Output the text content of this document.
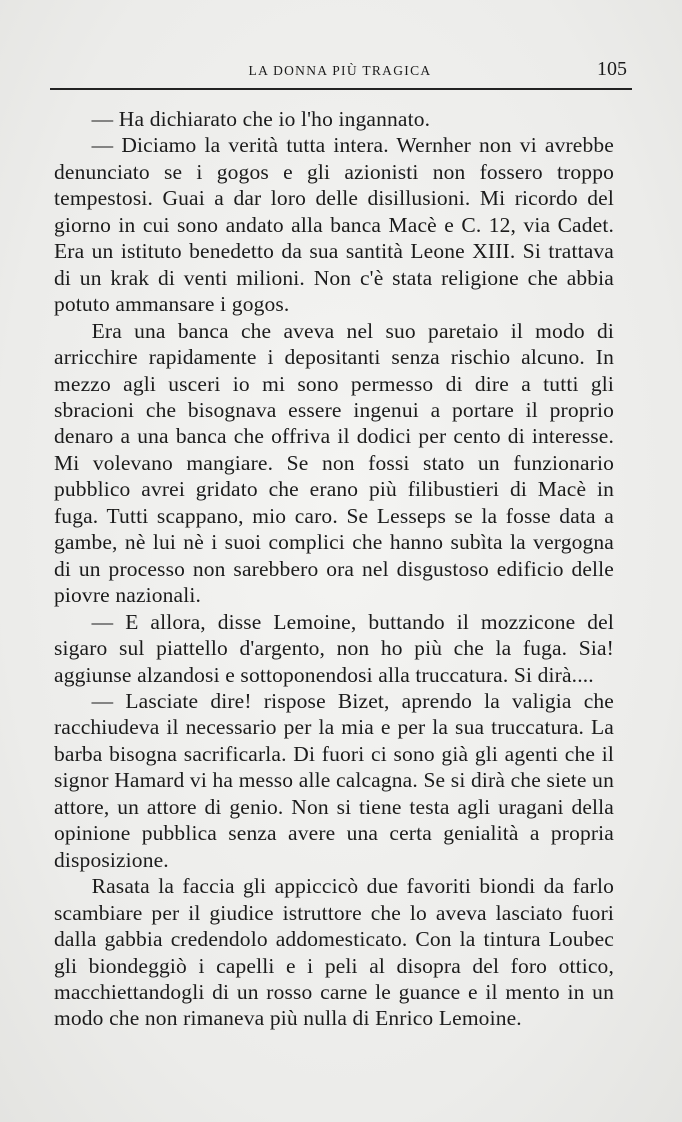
LA DONNA PIÙ TRAGICA	105

— Ha dichiarato che io l'ho ingannato.

— Diciamo la verità tutta intera. Wernher non vi avrebbe denunciato se i gogos e gli azionisti non fossero troppo tempestosi. Guai a dar loro delle disillusioni. Mi ricordo del giorno in cui sono andato alla banca Macè e C. 12, via Cadet. Era un istituto benedetto da sua santità Leone XIII. Si trattava di un krak di venti milioni. Non c'è stata religione che abbia potuto ammansare i gogos.

Era una banca che aveva nel suo paretaio il modo di arricchire rapidamente i depositanti senza rischio alcuno. In mezzo agli usceri io mi sono permesso di dire a tutti gli sbracioni che bisognava essere ingenui a portare il proprio denaro a una banca che offriva il dodici per cento di interesse. Mi volevano mangiare. Se non fossi stato un funzionario pubblico avrei gridato che erano più filibustieri di Macè in fuga. Tutti scappano, mio caro. Se Lesseps se la fosse data a gambe, nè lui nè i suoi complici che hanno subìta la vergogna di un processo non sarebbero ora nel disgustoso edificio delle piovre nazionali.

— E allora, disse Lemoine, buttando il mozzicone del sigaro sul piattello d'argento, non ho più che la fuga. Sia! aggiunse alzandosi e sottoponendosi alla truccatura. Si dirà....

— Lasciate dire! rispose Bizet, aprendo la valigia che racchiudeva il necessario per la mia e per la sua truccatura. La barba bisogna sacrificarla. Di fuori ci sono già gli agenti che il signor Hamard vi ha messo alle calcagna. Se si dirà che siete un attore, un attore di genio. Non si tiene testa agli uragani della opinione pubblica senza avere una certa genialità a propria disposizione.

Rasata la faccia gli appiccicò due favoriti biondi da farlo scambiare per il giudice istruttore che lo aveva lasciato fuori dalla gabbia credendolo addomesticato. Con la tintura Loubec gli biondeggiò i capelli e i peli al disopra del foro ottico, macchiettandogli di un rosso carne le guance e il mento in un modo che non rimaneva più nulla di Enrico Lemoine.
